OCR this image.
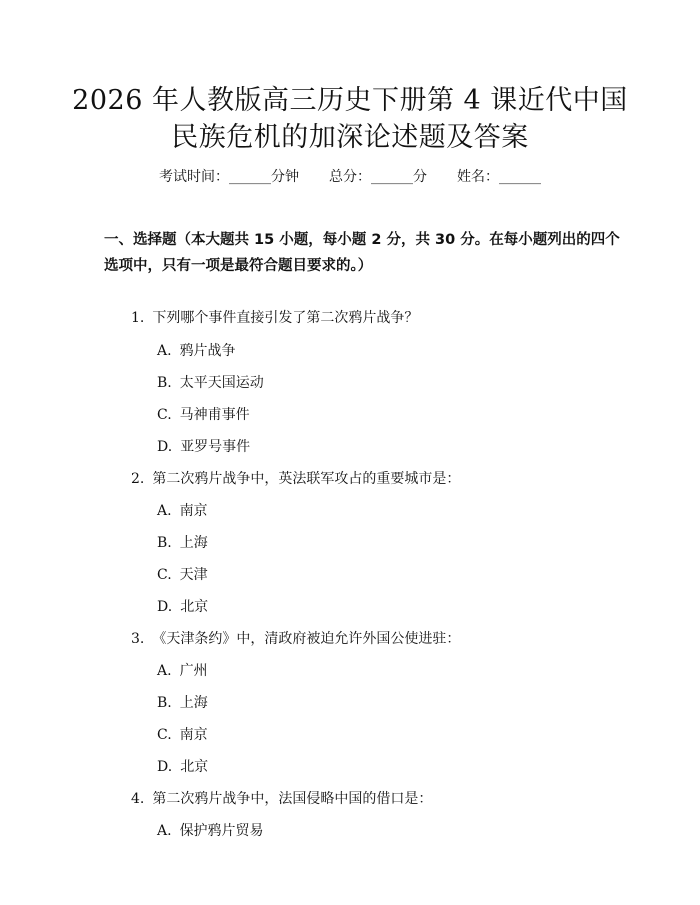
2026 年人教版高三历史下册第 4 课近代中国
民族危机的加深论述题及答案
考试时间：______分钟 总分：______分 姓名：______
一、选择题（本大题共 15 小题，每小题 2 分，共 30 分。在每小题列出的四个选项中，只有一项是最符合题目要求的。）
1. 下列哪个事件直接引发了第二次鸦片战争？
A. 鸦片战争
B. 太平天国运动
C. 马神甫事件
D. 亚罗号事件
2. 第二次鸦片战争中，英法联军攻占的重要城市是：
A. 南京
B. 上海
C. 天津
D. 北京
3. 《天津条约》中，清政府被迫允许外国公使进驻：
A. 广州
B. 上海
C. 南京
D. 北京
4. 第二次鸦片战争中，法国侵略中国的借口是：
A. 保护鸦片贸易
